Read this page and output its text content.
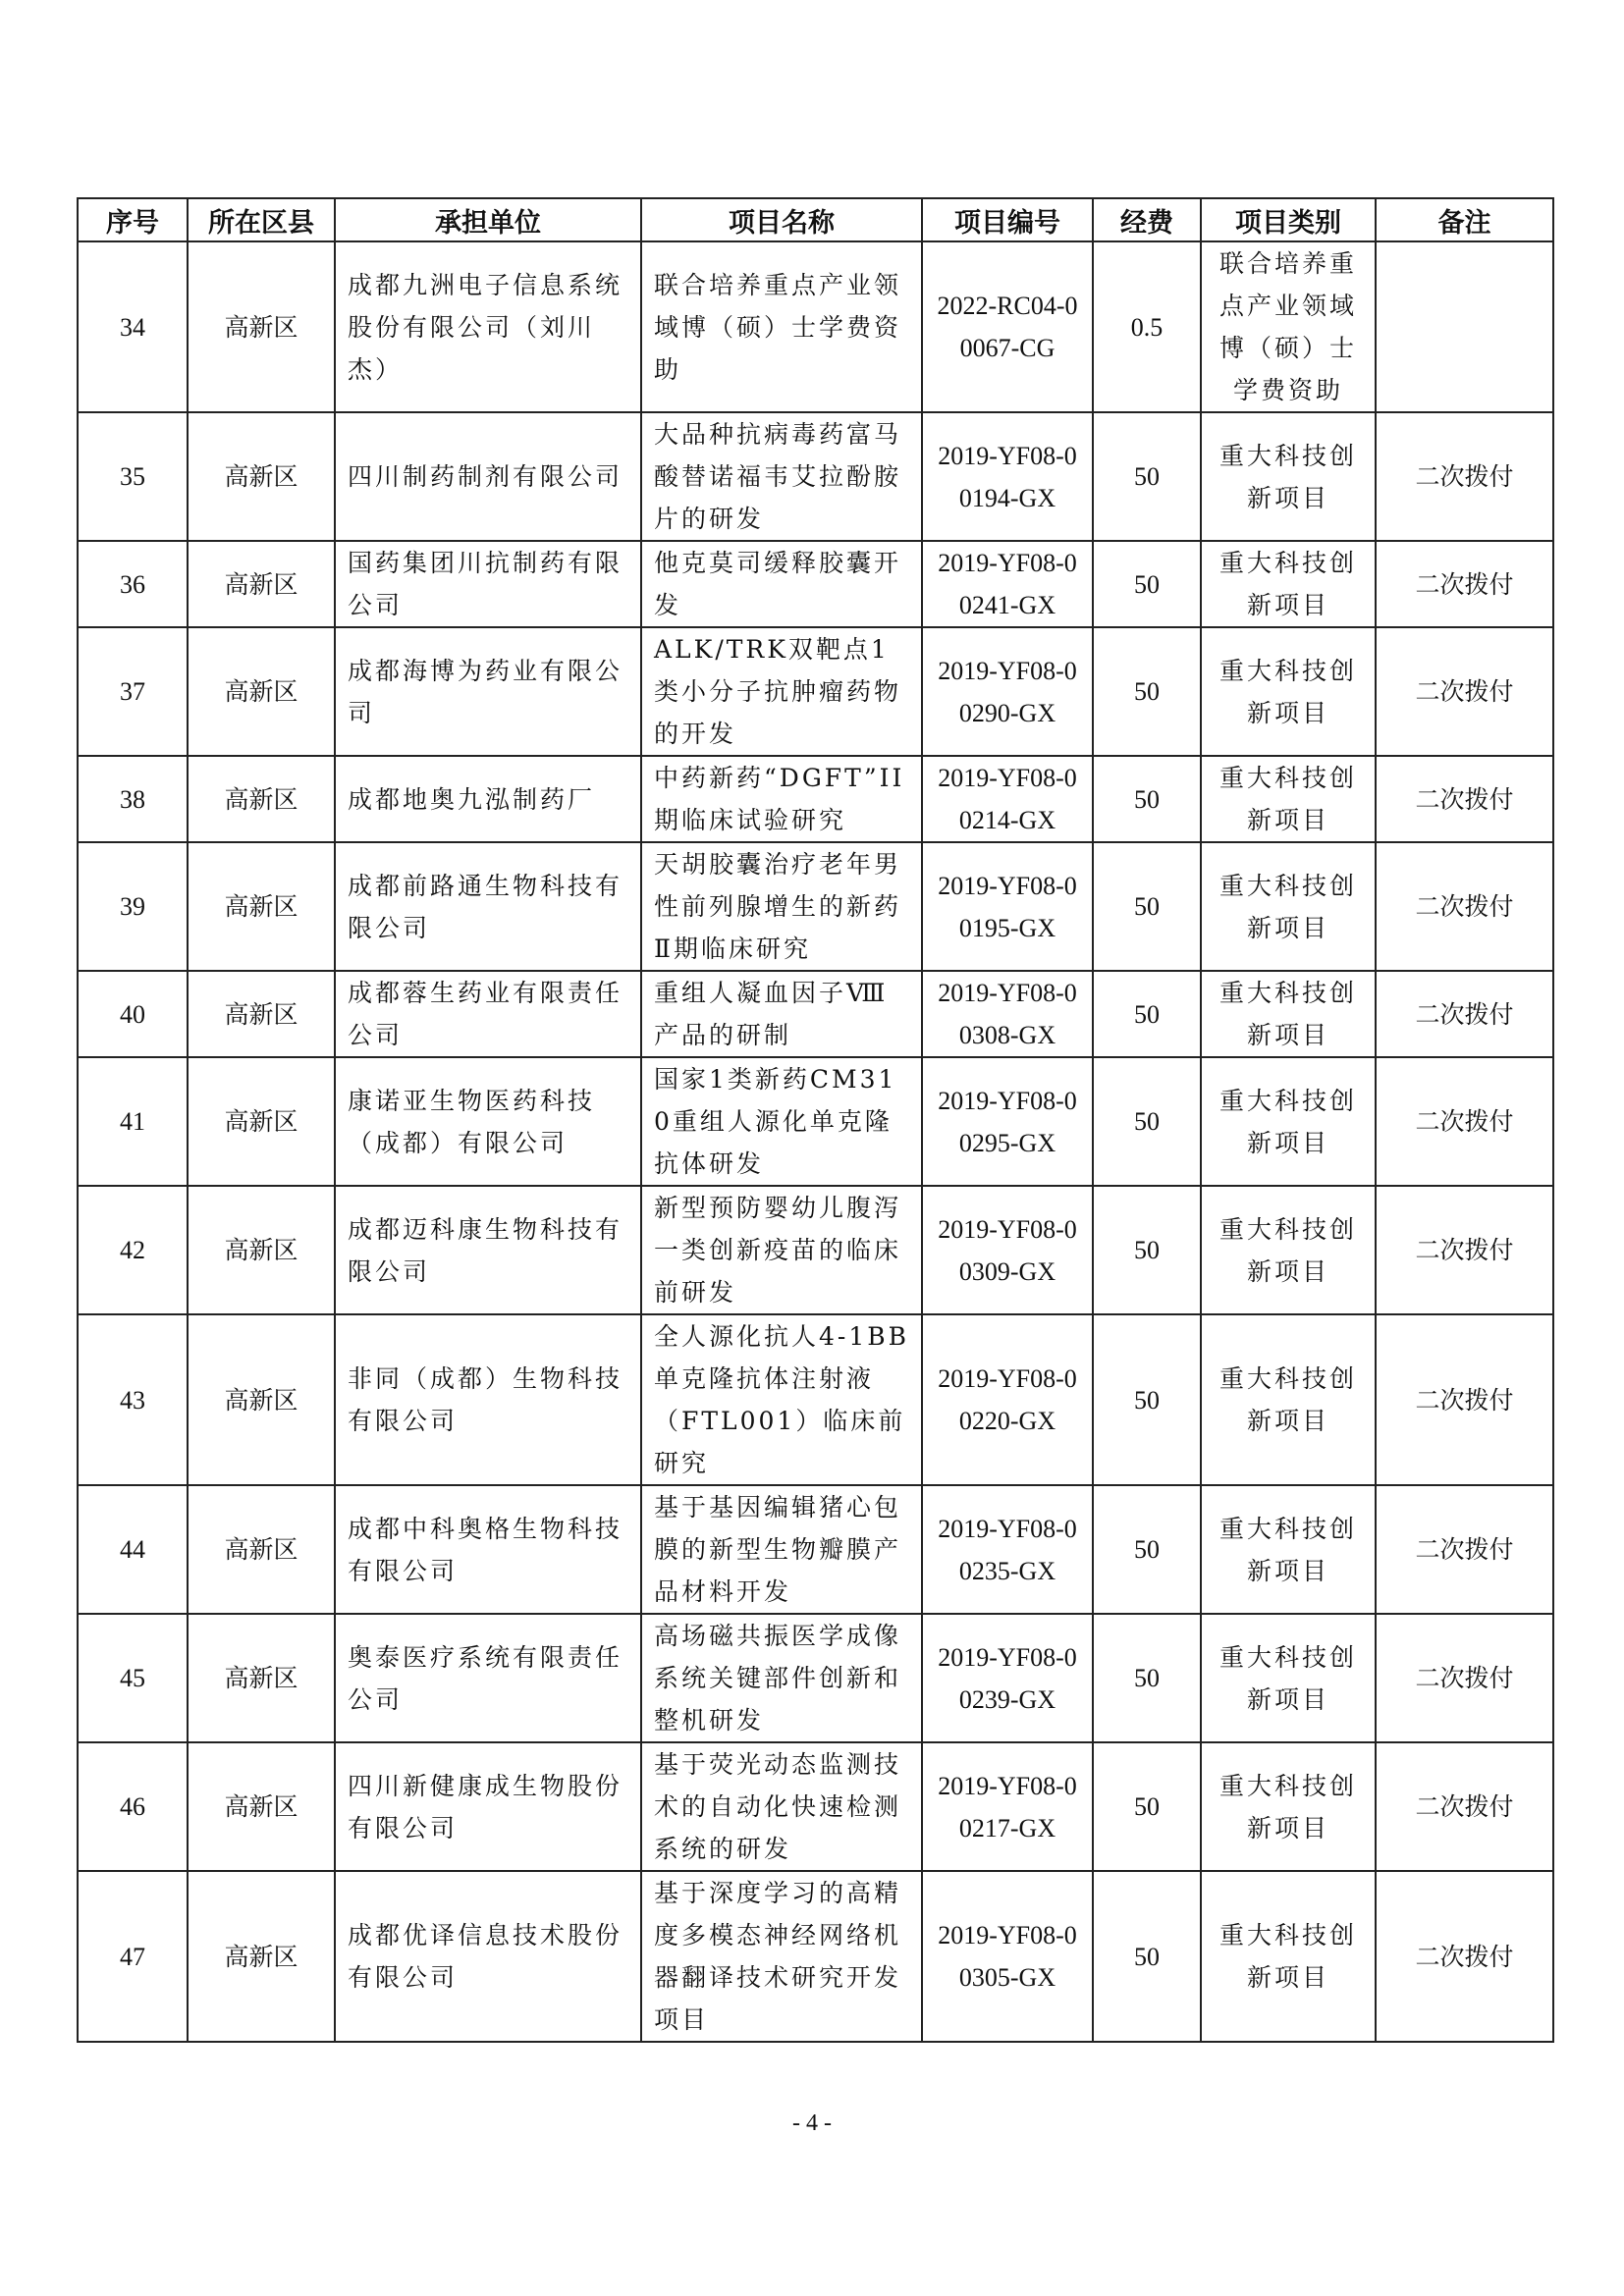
序号	所在区县	承担单位	项目名称	项目编号	经费	项目类别	备注
34	高新区	成都九洲电子信息系统股份有限公司（刘川杰）	联合培养重点产业领域博（硕）士学费资助	2022-RC04-00067-CG	0.5	联合培养重点产业领域博（硕）士学费资助	
35	高新区	四川制药制剂有限公司	大品种抗病毒药富马酸替诺福韦艾拉酚胺片的研发	2019-YF08-00194-GX	50	重大科技创新项目	二次拨付
36	高新区	国药集团川抗制药有限公司	他克莫司缓释胶囊开发	2019-YF08-00241-GX	50	重大科技创新项目	二次拨付
37	高新区	成都海博为药业有限公司	ALK/TRK双靶点1类小分子抗肿瘤药物的开发	2019-YF08-00290-GX	50	重大科技创新项目	二次拨付
38	高新区	成都地奥九泓制药厂	中药新药“DGFT”II期临床试验研究	2019-YF08-00214-GX	50	重大科技创新项目	二次拨付
39	高新区	成都前路通生物科技有限公司	天胡胶囊治疗老年男性前列腺增生的新药Ⅱ期临床研究	2019-YF08-00195-GX	50	重大科技创新项目	二次拨付
40	高新区	成都蓉生药业有限责任公司	重组人凝血因子Ⅷ产品的研制	2019-YF08-00308-GX	50	重大科技创新项目	二次拨付
41	高新区	康诺亚生物医药科技（成都）有限公司	国家1类新药CM310重组人源化单克隆抗体研发	2019-YF08-00295-GX	50	重大科技创新项目	二次拨付
42	高新区	成都迈科康生物科技有限公司	新型预防婴幼儿腹泻一类创新疫苗的临床前研发	2019-YF08-00309-GX	50	重大科技创新项目	二次拨付
43	高新区	非同（成都）生物科技有限公司	全人源化抗人4-1BB单克隆抗体注射液（FTL001）临床前研究	2019-YF08-00220-GX	50	重大科技创新项目	二次拨付
44	高新区	成都中科奥格生物科技有限公司	基于基因编辑猪心包膜的新型生物瓣膜产品材料开发	2019-YF08-00235-GX	50	重大科技创新项目	二次拨付
45	高新区	奥泰医疗系统有限责任公司	高场磁共振医学成像系统关键部件创新和整机研发	2019-YF08-00239-GX	50	重大科技创新项目	二次拨付
46	高新区	四川新健康成生物股份有限公司	基于荧光动态监测技术的自动化快速检测系统的研发	2019-YF08-00217-GX	50	重大科技创新项目	二次拨付
47	高新区	成都优译信息技术股份有限公司	基于深度学习的高精度多模态神经网络机器翻译技术研究开发项目	2019-YF08-00305-GX	50	重大科技创新项目	二次拨付
- 4 -
